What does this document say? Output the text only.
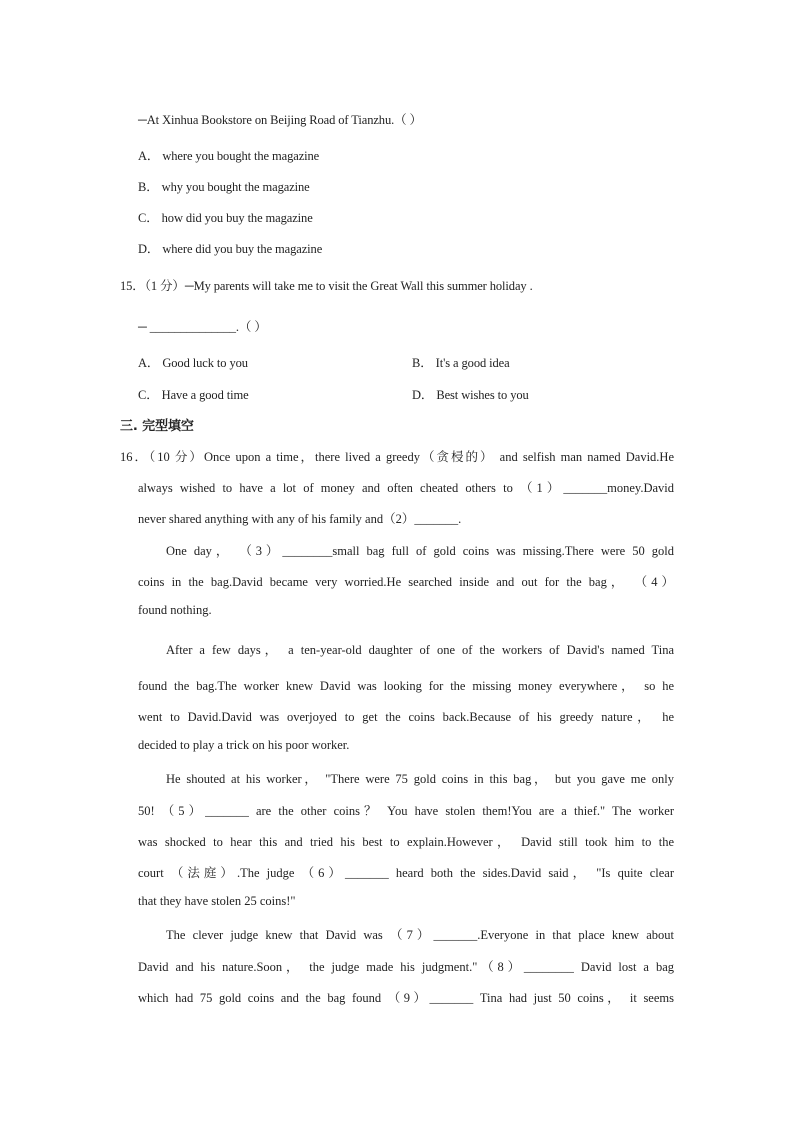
─At Xinhua Bookstore on Beijing Road of Tianzhu.（ ）
A． where you bought the magazine
B． why you bought the magazine
C． how did you buy the magazine
D． where did you buy the magazine
15．（1 分）─My parents will take me to visit the Great Wall this summer holiday .
─ ______________.（ ）
A． Good luck to you	B． It's a good idea
C． Have a good time	D． Best wishes to you
三. 完型填空
16．（10 分）Once upon a time，there lived a greedy（贪梫的） and selfish man named David.He
always wished to have a lot of money and often cheated others to （1）_______money.David
never shared anything with any of his family and（2）_______.
One day， （3）________small bag full of gold coins was missing.There were 50 gold
coins in the bag.David became very worried.He searched inside and out for the bag， （4）
found nothing.
After a few days， a ten-year-old daughter of one of the workers of David's named Tina
found the bag.The worker knew David was looking for the missing money everywhere， so he
went to David.David was overjoyed to get the coins back.Because of his greedy nature， he
decided to play a trick on his poor worker.
He shouted at his worker， "There were 75 gold coins in this bag， but you gave me only
50! （5）_______ are the other coins？ You have stolen them!You are a thief." The worker
was shocked to hear this and tried his best to explain.However， David still took him to the
court （法庭）.The judge （6）_______ heard both the sides.David said， "Is quite clear
that they have stolen 25 coins!"
The clever judge knew that David was （7）_______.Everyone in that place knew about
David and his nature.Soon， the judge made his judgment."（8）________ David lost a bag
which had 75 gold coins and the bag found （9）_______ Tina had just 50 coins， it seems
